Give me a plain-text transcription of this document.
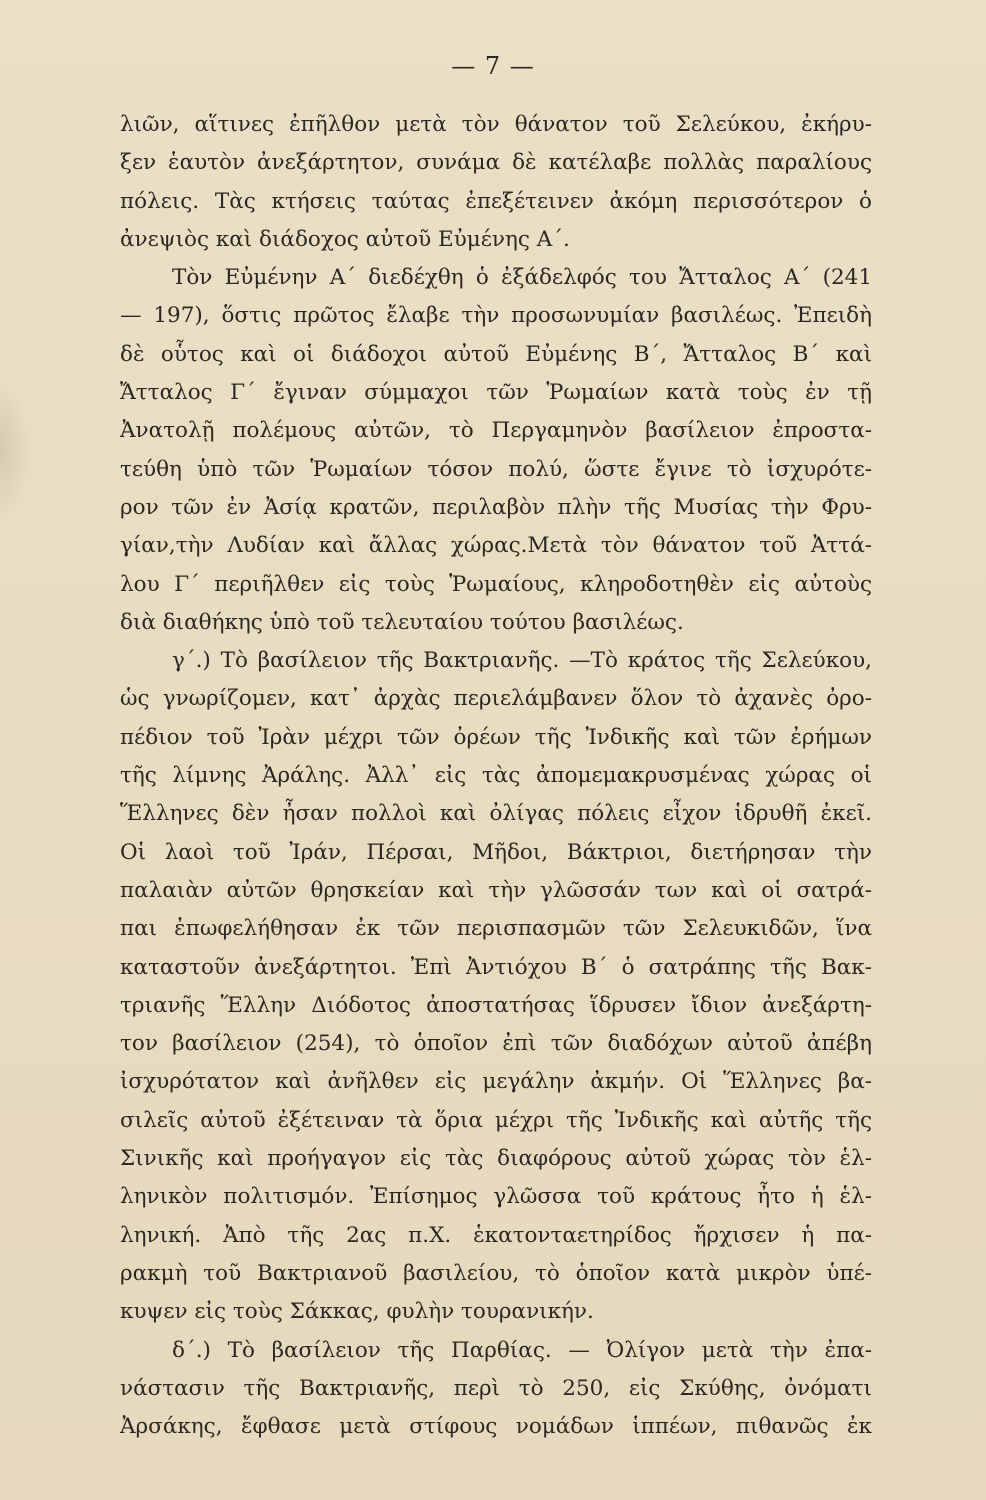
— 7 —
λιῶν, αἵτινες ἐπῆλθον μετὰ τὸν θάνατον τοῦ Σελεύκου, ἐκήρυ-
ξεν ἑαυτὸν ἀνεξάρτητον, συνάμα δὲ κατέλαβε πολλὰς παραλίους
πόλεις. Τὰς κτήσεις ταύτας ἐπεξέτεινεν ἀκόμη περισσότερον ὁ
ἀνεψιὸς καὶ διάδοχος αὐτοῦ Εὐμένης Α΄.
Τὸν Εὐμένην Α΄ διεδέχθη ὁ ἐξάδελφός του Ἄτταλος Α΄ (241
— 197), ὅστις πρῶτος ἔλαβε τὴν προσωνυμίαν βασιλέως. Ἐπειδὴ
δὲ οὗτος καὶ οἱ διάδοχοι αὐτοῦ Εὐμένης Β΄, Ἄτταλος Β΄ καὶ
Ἄτταλος Γ΄ ἔγιναν σύμμαχοι τῶν Ῥωμαίων κατὰ τοὺς ἐν τῇ
Ἀνατολῇ πολέμους αὐτῶν, τὸ Περγαμηνὸν βασίλειον ἐπροστα-
τεύθη ὑπὸ τῶν Ῥωμαίων τόσον πολύ, ὥστε ἔγινε τὸ ἰσχυρότε-
ρον τῶν ἐν Ἀσίᾳ κρατῶν, περιλαβὸν πλὴν τῆς Μυσίας τὴν Φρυ-
γίαν,τὴν Λυδίαν καὶ ἄλλας χώρας.Μετὰ τὸν θάνατον τοῦ Ἀττά-
λου Γ΄ περιῆλθεν εἰς τοὺς Ῥωμαίους, κληροδοτηθὲν εἰς αὐτοὺς
διὰ διαθήκης ὑπὸ τοῦ τελευταίου τούτου βασιλέως.
γ΄.) Τὸ βασίλειον τῆς Βακτριανῆς. —Τὸ κράτος τῆς Σελεύκου,
ὡς γνωρίζομεν, κατ᾿ ἀρχὰς περιελάμβανεν ὅλον τὸ ἀχανὲς ὀρο-
πέδιον τοῦ Ἰρὰν μέχρι τῶν ὀρέων τῆς Ἰνδικῆς καὶ τῶν ἐρήμων
τῆς λίμνης Ἀράλης. Ἀλλ᾿ εἰς τὰς ἀπομεμακρυσμένας χώρας οἱ
Ἕλληνες δὲν ἦσαν πολλοὶ καὶ ὀλίγας πόλεις εἶχον ἱδρυθῆ ἐκεῖ.
Οἱ λαοὶ τοῦ Ἰράν, Πέρσαι, Μῆδοι, Βάκτριοι, διετήρησαν τὴν
παλαιὰν αὐτῶν θρησκείαν καὶ τὴν γλῶσσάν των καὶ οἱ σατρά-
παι ἐπωφελήθησαν ἐκ τῶν περισπασμῶν τῶν Σελευκιδῶν, ἵνα
καταστοῦν ἀνεξάρτητοι. Ἐπὶ Ἀντιόχου Β΄ ὁ σατράπης τῆς Βακ-
τριανῆς Ἕλλην Διόδοτος ἀποστατήσας ἵδρυσεν ἴδιον ἀνεξάρτη-
τον βασίλειον (254), τὸ ὁποῖον ἐπὶ τῶν διαδόχων αὐτοῦ ἀπέβη
ἰσχυρότατον καὶ ἀνῆλθεν εἰς μεγάλην ἀκμήν. Οἱ Ἕλληνες βα-
σιλεῖς αὐτοῦ ἐξέτειναν τὰ ὅρια μέχρι τῆς Ἰνδικῆς καὶ αὐτῆς τῆς
Σινικῆς καὶ προήγαγον εἰς τὰς διαφόρους αὐτοῦ χώρας τὸν ἑλ-
ληνικὸν πολιτισμόν. Ἐπίσημος γλῶσσα τοῦ κράτους ἦτο ἡ ἑλ-
ληνική. Ἀπὸ τῆς 2ας π.Χ. ἑκατονταετηρίδος ἤρχισεν ἡ πα-
ρακμὴ τοῦ Βακτριανοῦ βασιλείου, τὸ ὁποῖον κατὰ μικρὸν ὑπέ-
κυψεν εἰς τοὺς Σάκκας, φυλὴν τουρανικήν.
δ΄.) Τὸ βασίλειον τῆς Παρθίας. — Ὀλίγον μετὰ τὴν ἐπα-
νάστασιν τῆς Βακτριανῆς, περὶ τὸ 250, εἰς Σκύθης, ὀνόματι
Ἀρσάκης, ἔφθασε μετὰ στίφους νομάδων ἱππέων, πιθανῶς ἐκ
